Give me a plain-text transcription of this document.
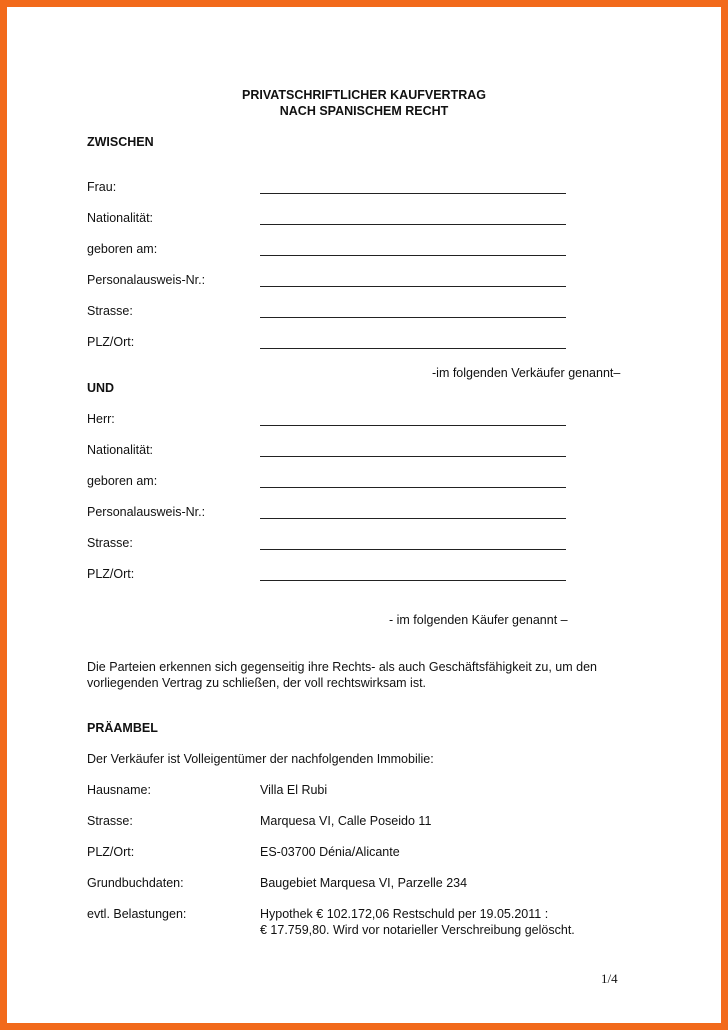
PRIVATSCHRIFTLICHER KAUFVERTRAG
NACH SPANISCHEM RECHT
ZWISCHEN
Frau:
Nationalität:
geboren am:
Personalausweis-Nr.:
Strasse:
PLZ/Ort:
-im folgenden Verkäufer genannt–
UND
Herr:
Nationalität:
geboren am:
Personalausweis-Nr.:
Strasse:
PLZ/Ort:
- im folgenden Käufer genannt –
Die Parteien erkennen sich gegenseitig ihre Rechts- als auch Geschäftsfähigkeit zu, um den vorliegenden Vertrag zu schließen, der voll rechtswirksam ist.
PRÄAMBEL
Der Verkäufer ist Volleigentümer der nachfolgenden Immobilie:
Hausname:	Villa El Rubi
Strasse:	Marquesa VI, Calle Poseido 11
PLZ/Ort:	ES-03700 Dénia/Alicante
Grundbuchdaten:	Baugebiet Marquesa VI, Parzelle 234
evtl. Belastungen:	Hypothek € 102.172,06 Restschuld per 19.05.2011 :
€ 17.759,80. Wird vor notarieller Verschreibung gelöscht.
1/4
